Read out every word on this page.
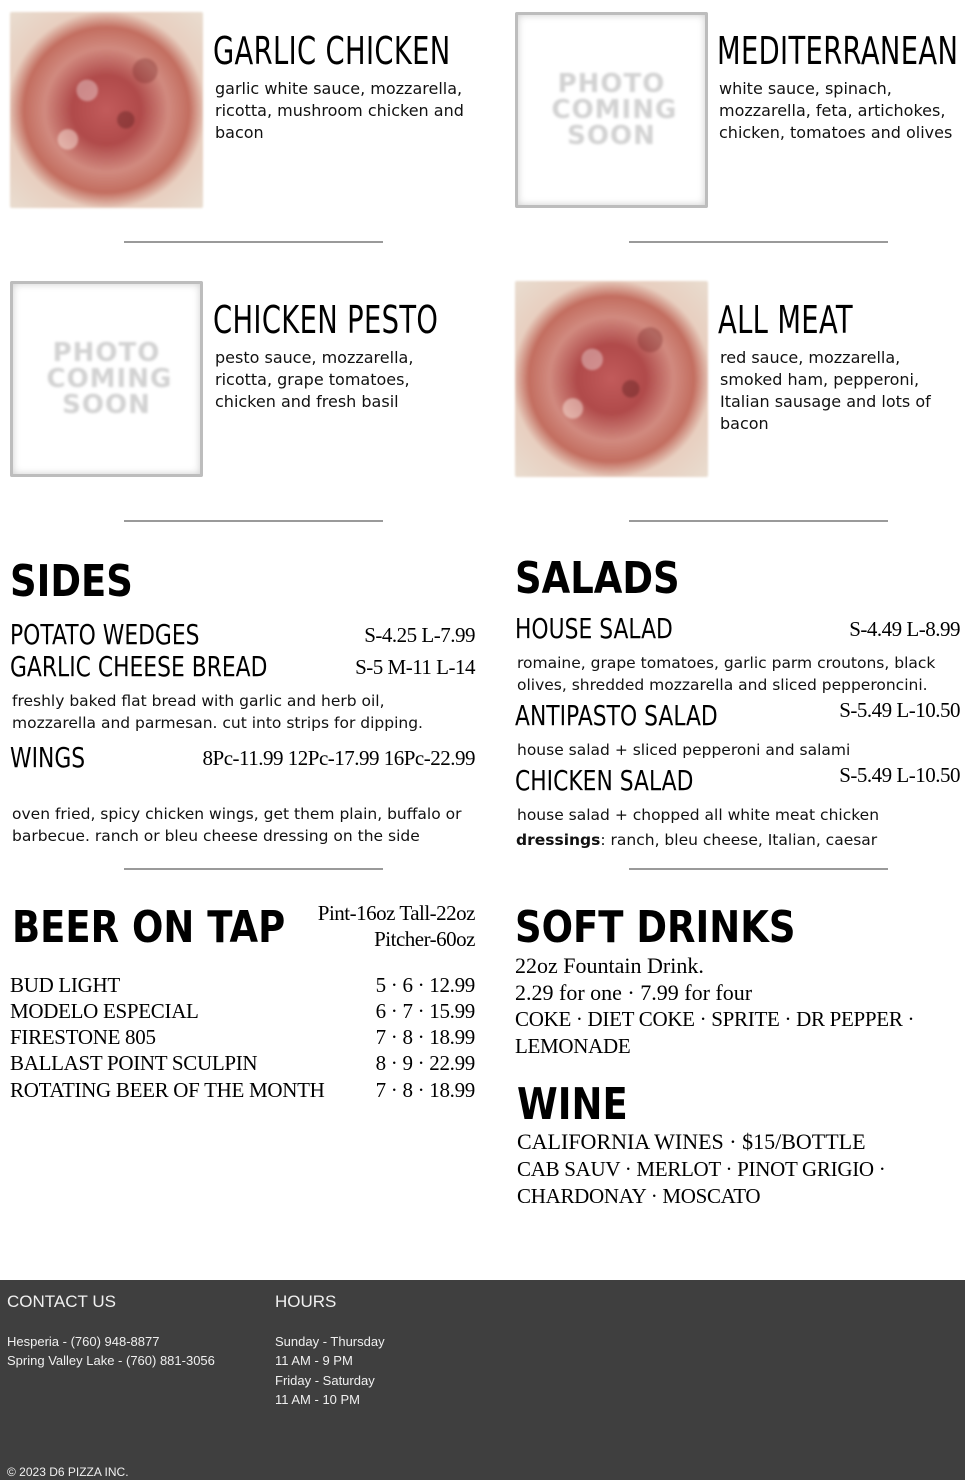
GARLIC CHICKEN
garlic white sauce, mozzarella, ricotta, mushroom chicken and bacon
PHOTO COMING SOON
MEDITERRANEAN
white sauce, spinach, mozzarella, feta, artichokes, chicken, tomatoes and olives
PHOTO COMING SOON
CHICKEN PESTO
pesto sauce, mozzarella, ricotta, grape tomatoes, chicken and fresh basil
ALL MEAT
red sauce, mozzarella, smoked ham, pepperoni, Italian sausage and lots of bacon
SIDES
POTATO WEDGES	S-4.25 L-7.99
GARLIC CHEESE BREAD	S-5 M-11 L-14
freshly baked flat bread with garlic and herb oil, mozzarella and parmesan. cut into strips for dipping.
WINGS	8Pc-11.99 12Pc-17.99 16Pc-22.99
oven fried, spicy chicken wings, get them plain, buffalo or barbecue. ranch or bleu cheese dressing on the side
SALADS
HOUSE SALAD	S-4.49 L-8.99
romaine, grape tomatoes, garlic parm croutons, black olives, shredded mozzarella and sliced pepperoncini.
ANTIPASTO SALAD	S-5.49 L-10.50
house salad + sliced pepperoni and salami
CHICKEN SALAD	S-5.49 L-10.50
house salad + chopped all white meat chicken
dressings: ranch, bleu cheese, Italian, caesar
BEER ON TAP Pint-16oz Tall-22oz
Pitcher-60oz
BUD LIGHT	5 · 6 · 12.99
MODELO ESPECIAL	6 · 7 · 15.99
FIRESTONE 805	7 · 8 · 18.99
BALLAST POINT SCULPIN	8 · 9 · 22.99
ROTATING BEER OF THE MONTH 7 · 8 · 18.99
SOFT DRINKS
22oz Fountain Drink.
2.29 for one · 7.99 for four
COKE · DIET COKE · SPRITE · DR PEPPER ·
LEMONADE
WINE
CALIFORNIA WINES · $15/BOTTLE
CAB SAUV · MERLOT · PINOT GRIGIO ·
CHARDONAY · MOSCATO
CONTACT US
Hesperia - (760) 948-8877
Spring Valley Lake - (760) 881-3056
HOURS
Sunday - Thursday
11 AM - 9 PM
Friday - Saturday
11 AM - 10 PM
© 2023 D6 PIZZA INC.
